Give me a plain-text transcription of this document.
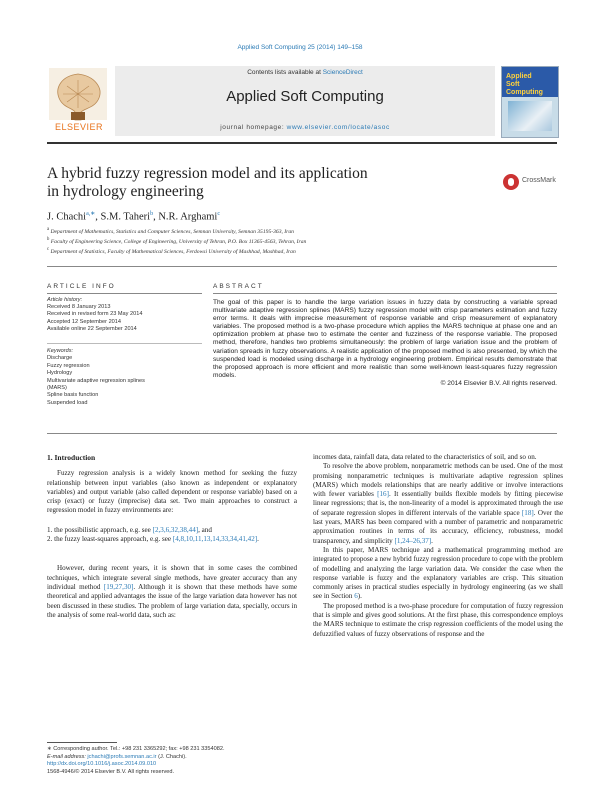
Applied Soft Computing 25 (2014) 149–158
ELSEVIER
Contents lists available at ScienceDirect
Applied Soft Computing
journal homepage: www.elsevier.com/locate/asoc
Applied
Soft
Computing
A hybrid fuzzy regression model and its application
in hydrology engineering
CrossMark
J. Chachi$^{a,∗}$, S.M. Taheri$^b$, N.R. Arghami$^c$
$^a$ Department of Mathematics, Statistics and Computer Sciences, Semnan University, Semnan 35195-363, Iran
$^b$ Faculty of Engineering Science, College of Engineering, University of Tehran, P.O. Box 11365-4563, Tehran, Iran
$^c$ Department of Statistics, Faculty of Mathematical Sciences, Ferdowsi University of Mashhad, Mashhad, Iran
ARTICLE INFO	ABSTRACT
Article history:
Received 8 January 2013
Received in revised form 23 May 2014
Accepted 12 September 2014
Available online 22 September 2014
Keywords:
Discharge
Fuzzy regression
Hydrology
Multivariate adaptive regression splines
(MARS)
Spline basis function
Suspended load
The goal of this paper is to handle the large variation issues in fuzzy data by constructing a variable spread multivariate adaptive regression splines (MARS) fuzzy regression model with crisp parameters estimation and fuzzy error terms. It deals with imprecise measurement of response variable and crisp measurement of explanatory variables. The proposed method is a two-phase procedure which applies the MARS technique at phase one and an optimization problem at phase two to estimate the center and fuzziness of the response variable. The proposed method, therefore, handles two problems simultaneously: the problem of large variation issue and the problem of variation spreads in fuzzy observations. A realistic application of the proposed method is also presented, by which the suspended load is modeled using discharge in a hydrology engineering problem. Empirical results demonstrate that the proposed approach is more efficient and more realistic than some well-known least-squares fuzzy regression models.
© 2014 Elsevier B.V. All rights reserved.
1. Introduction

Fuzzy regression analysis is a widely known method for seeking the fuzzy relationship between input variables (also known as independent or explanatory variables) and output variable (also called dependent or response variable) based on a crisp (exact) or fuzzy (imprecise) data set. Two main approaches to construct a regression model in fuzzy environments are:

1. the possibilistic approach, e.g. see [2,3,6,32,38,44], and
2. the fuzzy least-squares approach, e.g. see [4,8,10,11,13,14,33,34,41,42].

However, during recent years, it is shown that in some cases the combined techniques, which integrate several single methods, have greater accuracy than any individual method [19,27,30]. Although it is shown that these methods have some theoretical and applied advantages the issue of the large variation data however has not been discussed in these studies. The problem of large variation data, specially, occurs in the analysis of some real-world data, such as:

incomes data, rainfall data, data related to the characteristics of soil, and so on.

To resolve the above problem, nonparametric methods can be used. One of the most promising nonparametric techniques is multivariate adaptive regression splines (MARS) which models relationships that are nearly additive or involve interactions with fewer variables [16]. It essentially builds flexible models by fitting piecewise linear regressions; that is, the non-linearity of a model is approximated through the use of separate regression slopes in different intervals of the variable space [18]. Over the last years, MARS has been compared with a number of parametric and nonparametric approximation routines in terms of its accuracy, efficiency, robustness, model transparency, and simplicity [1,24–26,37].

In this paper, MARS technique and a mathematical programming method are integrated to propose a new hybrid fuzzy regression procedure to cope with the problem of modelling and analyzing the large variation data. We consider the case when the response variable is fuzzy and the explanatory variables are crisp. This situation commonly arises in practical studies especially in hydrology engineering (as we shall see in Section 6).

The proposed method is a two-phase procedure for computation of fuzzy regression that is simple and gives good solutions. At the first phase, this correspondence employs the MARS technique to estimate the crisp regression coefficients of the model using the defuzzified values of fuzzy observations of response and the

∗ Corresponding author. Tel.: +98 231 3365292; fax: +98 231 3354082.
E-mail address: jchachi@profs.semnan.ac.ir (J. Chachi).
http://dx.doi.org/10.1016/j.asoc.2014.09.010
1568-4946/© 2014 Elsevier B.V. All rights reserved.
